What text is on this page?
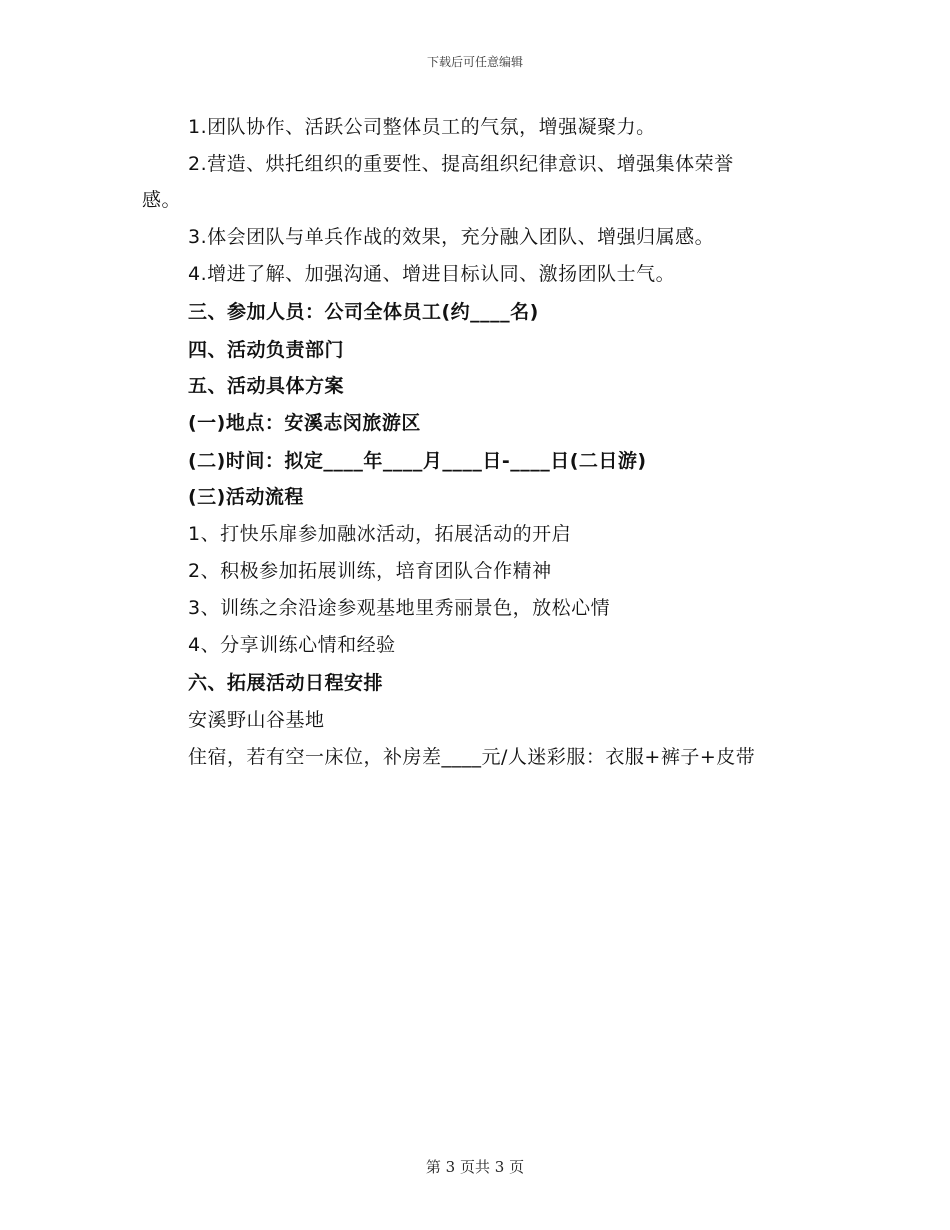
下载后可任意编辑
1.团队协作、活跃公司整体员工的气氛，增强凝聚力。
2.营造、烘托组织的重要性、提高组织纪律意识、增强集体荣誉
感。
3.体会团队与单兵作战的效果，充分融入团队、增强归属感。
4.增进了解、加强沟通、增进目标认同、激扬团队士气。
三、参加人员：公司全体员工(约____名)
四、活动负责部门
五、活动具体方案
(一)地点：安溪志闵旅游区
(二)时间：拟定____年____月____日-____日(二日游)
(三)活动流程
1、打快乐扉参加融冰活动，拓展活动的开启
2、积极参加拓展训练，培育团队合作精神
3、训练之余沿途参观基地里秀丽景色，放松心情
4、分享训练心情和经验
六、拓展活动日程安排
安溪野山谷基地
住宿，若有空一床位，补房差____元/人迷彩服：衣服+裤子+皮带
第 3 页共 3 页
